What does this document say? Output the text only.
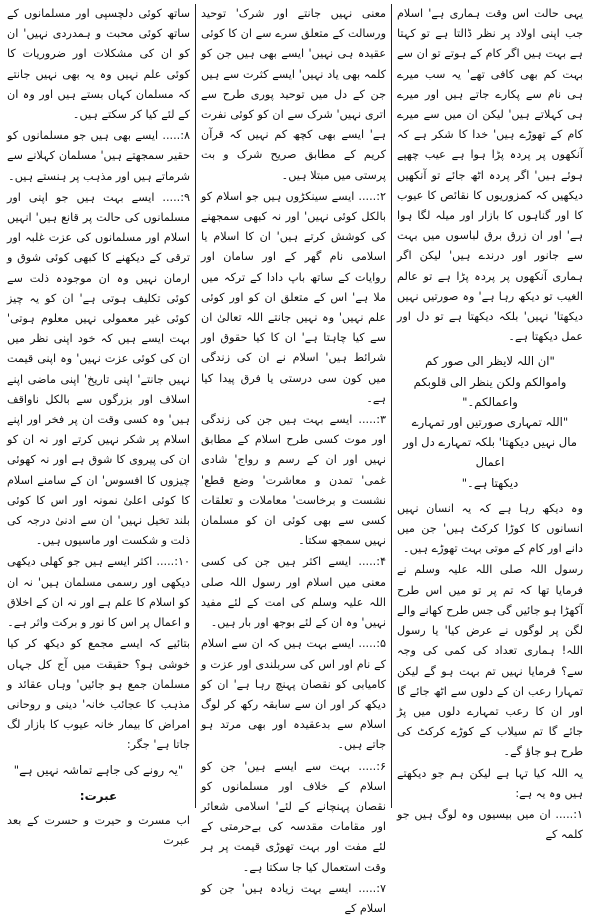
یہی حالت اس وقت ہماری ہے' اسلام جب اپنی اولاد پر نظر ڈالتا ہے تو کہتا ہے بہت ہیں اگر کام کے ہوتے تو ان سے بہت کم بھی کافی تھے' یہ سب میرے ہی نام سے پکارے جاتے ہیں اور میرے ہی کہلاتے ہیں' لیکن ان میں سے میرے کام کے تھوڑے ہیں' خدا کا شکر ہے کہ آنکھوں پر پردہ پڑا ہوا ہے عیب چھپے ہوئے ہیں' اگر پردہ اٹھ جائے تو آنکھیں دیکھیں کہ کمزوریوں کا نقائص کا عیوب کا اور گناہوں کا بازار اور میلہ لگا ہوا ہے' اور ان زرق برق لباسوں میں بہت سے جانور اور درندے ہیں' لیکن اگر ہماری آنکھوں پر پردہ پڑا ہے تو عالم الغیب تو دیکھ رہا ہے' وہ صورتیں نہیں دیکھتا' نہیں' بلکہ دیکھتا ہے تو دل اور عمل دیکھتا ہے۔

"ان اللہ لایظر الی صور کم
واموالکم ولکن ینظر الی قلوبکم
واعمالکم۔"
"اللہ تمہاری صورتیں اور تمہارے
مال نہیں دیکھتا' بلکہ تمہارے دل اور اعمال
دیکھتا ہے۔"

وہ دیکھ رہا ہے کہ یہ انسان نہیں انسانوں کا کوڑا کرکٹ ہیں' جن میں دانے اور کام کے موتی بہت تھوڑے ہیں۔

رسول اللہ صلی اللہ علیہ وسلم نے فرمایا تھا کہ تم پر تو میں اس طرح آکھڑا ہو جائیں گی جس طرح کھانے والے لگن پر لوگوں نے عرض کیا' یا رسول اللہ! ہماری تعداد کی کمی کی وجہ سے؟ فرمایا نہیں تم بہت ہو گے لیکن تمہارا رعب ان کے دلوں سے اٹھ جائے گا اور ان کا رعب تمہارے دلوں میں پڑ جائے گا تم سیلاب کے کوڑے کرکٹ کی طرح ہو جاؤ گے۔

یہ اللہ کیا تہا ہے لیکن ہم جو دیکھتے ہیں وہ یہ ہے:

۱:..... ان میں بیسیوں وہ لوگ ہیں جو کلمہ کے

معنی نہیں جانتے اور شرک' توحید ورسالت کے متعلق سرے سے ان کا کوئی عقیدہ ہی نہیں' ایسے بھی ہیں جن کو کلمہ بھی یاد نہیں' ایسے کثرت سے ہیں جن کے دل میں توحید پوری طرح سے اتری نہیں' شرک سے ان کو کوئی نفرت ہے' ایسے بھی کچھ کم نہیں کہ قرآن کریم کے مطابق صریح شرک و بت پرستی میں مبتلا ہیں۔

۲:..... ایسے سینکڑوں ہیں جو اسلام کو بالکل کوئی نہیں' اور نہ کبھی سمجھنے کی کوشش کرتے ہیں' ان کا اسلام یا اسلامی نام گھر کے اور سامان اور روایات کے ساتھ باپ دادا کے ترکہ میں ملا ہے' اس کے متعلق ان کو اور کوئی علم نہیں' وہ نہیں جانتے اللہ تعالیٰ ان سے کیا چاہتا ہے' ان کا کیا حقوق اور شرائط ہیں' اسلام نے ان کی زندگی میں کون سی درستی یا فرق پیدا کیا ہے۔

۳:..... ایسے بہت ہیں جن کی زندگی اور موت کسی طرح اسلام کے مطابق نہیں اور ان کے رسم و رواج' شادی غمی' تمدن و معاشرت' وضع قطع' نشست و برخاست' معاملات و تعلقات کسی سے بھی کوئی ان کو مسلمان نہیں سمجھ سکتا۔

۴:..... ایسے اکثر ہیں جن کی کسی معنی میں اسلام اور رسول اللہ صلی اللہ علیہ وسلم کی امت کے لئے مفید نہیں' وہ ان کے لئے بوجھ اور بار ہیں۔

۵:..... ایسے بہت ہیں کہ ان سے اسلام کے نام اور اس کی سربلندی اور عزت و کامیابی کو نقصان پہنچ رہا ہے' ان کو دیکھ کر اور ان سے سابقہ رکھ کر لوگ اسلام سے بدعقیدہ اور بھی مرتد ہو جاتے ہیں۔

۶:..... بہت سے ایسے ہیں' جن کو اسلام کے خلاف اور مسلمانوں کو نقصان پہنچانے کے لئے' اسلامی شعائر اور مقامات مقدسہ کی بےحرمتی کے لئے مفت اور بہت تھوڑی قیمت پر ہر وقت استعمال کیا جا سکتا ہے۔

۷:..... ایسے بہت زیادہ ہیں' جن کو اسلام کے

ساتھ کوئی دلچسپی اور مسلمانوں کے ساتھ کوئی محبت و ہمدردی نہیں' ان کو ان کی مشکلات اور ضروریات کا کوئی علم نہیں وہ یہ بھی نہیں جانتے کہ مسلمان کہاں بستے ہیں اور وہ ان کے لئے کیا کر سکتے ہیں۔

۸:..... ایسے بھی ہیں جو مسلمانوں کو حقیر سمجھتے ہیں' مسلمان کہلانے سے شرماتے ہیں اور مذہب پر ہنستے ہیں۔

۹:..... ایسے بہت ہیں جو اپنی اور مسلمانوں کی حالت پر قانع ہیں' انہیں اسلام اور مسلمانوں کی عزت غلبہ اور ترقی کے دیکھنے کا کبھی کوئی شوق و ارمان نہیں وہ ان موجودہ ذلت سے کوئی تکلیف ہوتی ہے' ان کو یہ چیز کوئی غیر معمولی نہیں معلوم ہوتی' بہت ایسے ہیں کہ خود اپنی نظر میں ان کی کوئی عزت نہیں' وہ اپنی قیمت نہیں جانتے' اپنی تاریخ' اپنی ماضی اپنے اسلاف اور بزرگوں سے بالکل ناواقف ہیں' وہ کسی وقت ان پر فخر اور اپنے اسلام پر شکر نہیں کرتے اور نہ ان کو ان کی پیروی کا شوق ہے اور نہ کھوئی چیزوں کا افسوس' ان کے سامنے اسلام کا کوئی اعلیٰ نمونہ اور اس کا کوئی بلند تخیل نہیں' ان سے ادنیٰ درجہ کی ذلت و شکست اور ماسیوں ہیں۔

۱۰:..... اکثر ایسے ہیں جو کھلی دیکھی دیکھی اور رسمی مسلمان ہیں' نہ ان کو اسلام کا علم ہے اور نہ ان کے اخلاق و اعمال پر اس کا نور و برکت واثر ہے۔

بتائیے کہ ایسے مجمع کو دیکھ کر کیا خوشی ہو؟ حقیقت میں آج کل جہاں مسلمان جمع ہو جائیں' وہاں عقائد و مذہب کا عجائب خانہ' دینی و روحانی امراض کا بیمار خانہ عیوب کا بازار لگ جاتا ہے' جگر:

"یہ رونے کی جاہے تماشہ نہیں ہے"
عبرت:

اب مسرت و حیرت و حسرت کے بعد عبرت
